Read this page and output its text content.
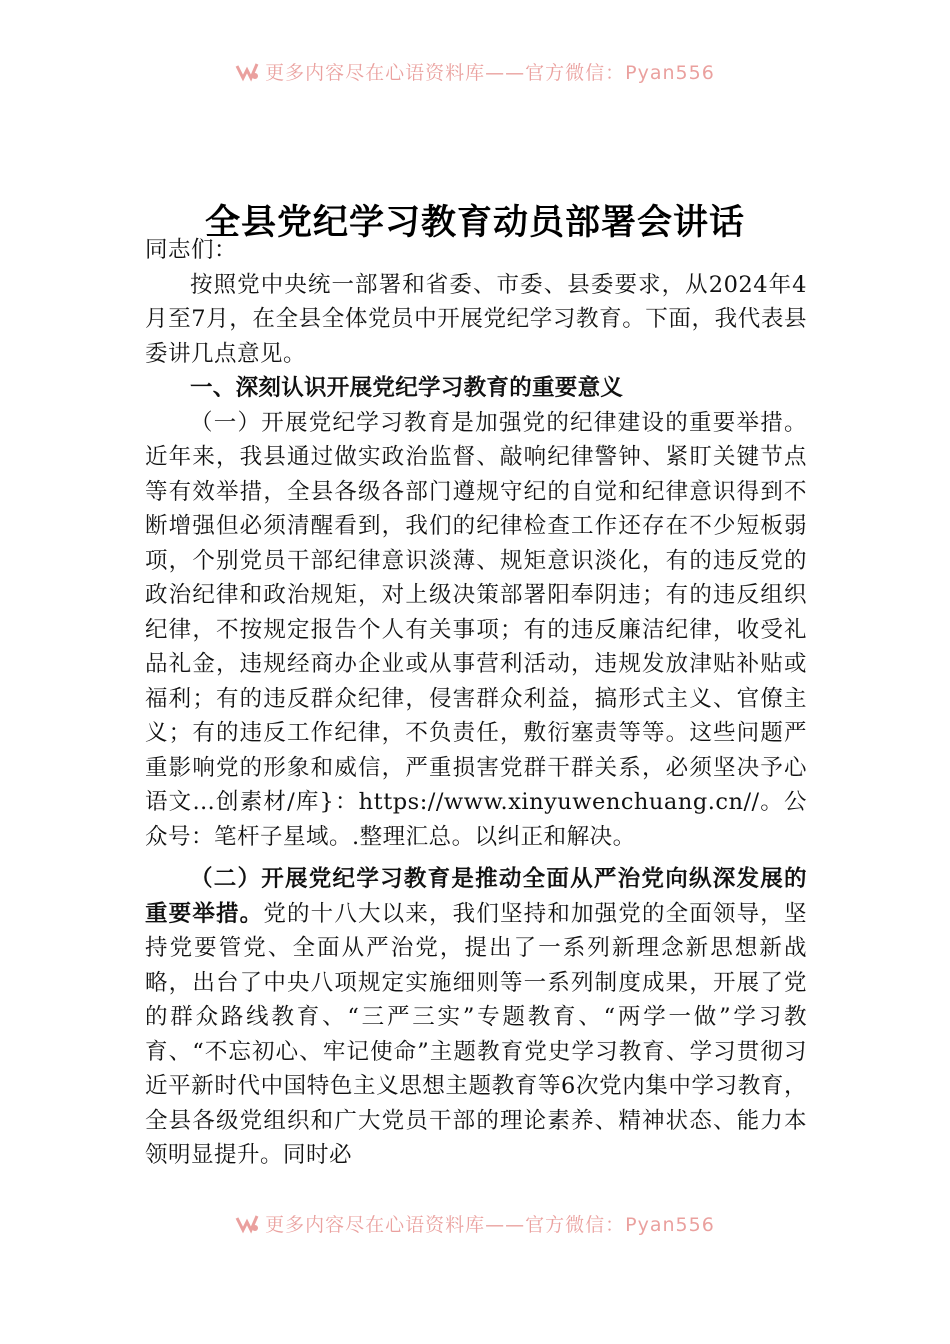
更多内容尽在心语资料库——官方微信：Pyan556
全县党纪学习教育动员部署会讲话

同志们：

按照党中央统一部署和省委、市委、县委要求，从2024年4月至7月，在全县全体党员中开展党纪学习教育。下面，我代表县委讲几点意见。

一、深刻认识开展党纪学习教育的重要意义

（一）开展党纪学习教育是加强党的纪律建设的重要举措。近年来，我县通过做实政治监督、敲响纪律警钟、紧盯关键节点等有效举措，全县各级各部门遵规守纪的自觉和纪律意识得到不断增强但必须清醒看到，我们的纪律检查工作还存在不少短板弱项，个别党员干部纪律意识淡薄、规矩意识淡化，有的违反党的政治纪律和政治规矩，对上级决策部署阳奉阴违；有的违反组织纪律，不按规定报告个人有关事项；有的违反廉洁纪律，收受礼品礼金，违规经商办企业或从事营利活动，违规发放津贴补贴或福利；有的违反群众纪律，侵害群众利益，搞形式主义、官僚主义；有的违反工作纪律，不负责任，敷衍塞责等等。这些问题严重影响党的形象和威信，严重损害党群干群关系，必须坚决予心语文…创素材/库}：https://www.xinyuwenchuang.cn//。公众号：笔杆子星域。.整理汇总。以纠正和解决。

（二）开展党纪学习教育是推动全面从严治党向纵深发展的重要举措。党的十八大以来，我们坚持和加强党的全面领导，坚持党要管党、全面从严治党，提出了一系列新理念新思想新战略，出台了中央八项规定实施细则等一系列制度成果，开展了党的群众路线教育、“三严三实”专题教育、“两学一做”学习教育、“不忘初心、牢记使命”主题教育党史学习教育、学习贯彻习近平新时代中国特色主义思想主题教育等6次党内集中学习教育，全县各级党组织和广大党员干部的理论素养、精神状态、能力本领明显提升。同时必

更多内容尽在心语资料库——官方微信：Pyan556
